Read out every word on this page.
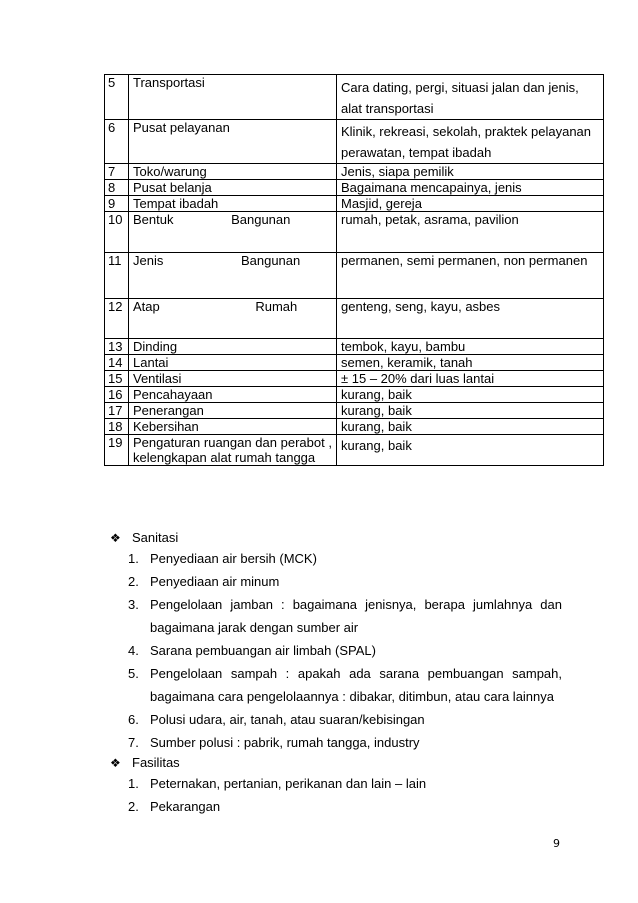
5	Transportasi	Cara dating, pergi, situasi jalan dan jenis, alat transportasi
6	Pusat pelayanan	Klinik, rekreasi, sekolah, praktek pelayanan perawatan, tempat ibadah
7	Toko/warung	Jenis, siapa pemilik
8	Pusat belanja	Bagaimana mencapainya, jenis
9	Tempat ibadah	Masjid, gereja
10	Bentuk Bangunan	rumah, petak, asrama, pavilion
11	Jenis Bangunan	permanen, semi permanen, non permanen
12	Atap Rumah	genteng, seng, kayu, asbes
13	Dinding	tembok, kayu, bambu
14	Lantai	semen, keramik, tanah
15	Ventilasi	± 15 – 20% dari luas lantai
16	Pencahayaan	kurang, baik
17	Penerangan	kurang, baik
18	Kebersihan	kurang, baik
19	Pengaturan ruangan dan perabot , kelengkapan alat rumah tangga	kurang, baik
❖ Sanitasi
1. Penyediaan air bersih (MCK)
2. Penyediaan air minum
3. Pengelolaan jamban : bagaimana jenisnya, berapa jumlahnya dan bagaimana jarak dengan sumber air
4. Sarana pembuangan air limbah (SPAL)
5. Pengelolaan sampah : apakah ada sarana pembuangan sampah, bagaimana cara pengelolaannya : dibakar, ditimbun, atau cara lainnya
6. Polusi udara, air, tanah, atau suaran/kebisingan
7. Sumber polusi : pabrik, rumah tangga, industry
❖ Fasilitas
1. Peternakan, pertanian, perikanan dan lain – lain
2. Pekarangan
9
